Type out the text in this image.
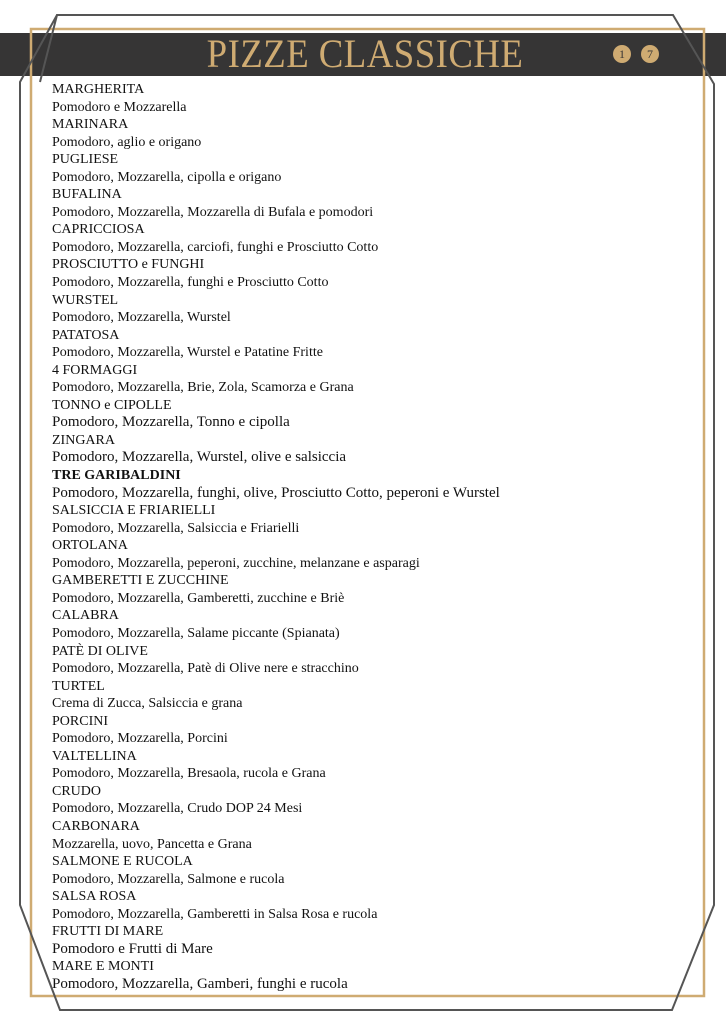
PIZZE CLASSICHE	1	7
MARGHERITA
Pomodoro e Mozzarella
MARINARA
Pomodoro, aglio e origano
PUGLIESE
Pomodoro, Mozzarella, cipolla e origano
BUFALINA
Pomodoro, Mozzarella, Mozzarella di Bufala e pomodori
CAPRICCIOSA
Pomodoro, Mozzarella, carciofi, funghi e Prosciutto Cotto
PROSCIUTTO e FUNGHI
Pomodoro, Mozzarella, funghi e Prosciutto Cotto
WURSTEL
Pomodoro, Mozzarella, Wurstel
PATATOSA
Pomodoro, Mozzarella, Wurstel e Patatine Fritte
4 FORMAGGI
Pomodoro, Mozzarella, Brie, Zola, Scamorza e Grana
TONNO e CIPOLLE
Pomodoro, Mozzarella, Tonno e cipolla
ZINGARA
Pomodoro, Mozzarella, Wurstel, olive e salsiccia
TRE GARIBALDINI
Pomodoro, Mozzarella, funghi, olive, Prosciutto Cotto, peperoni e Wurstel
SALSICCIA E FRIARIELLI
Pomodoro, Mozzarella, Salsiccia e Friarielli
ORTOLANA
Pomodoro, Mozzarella, peperoni, zucchine, melanzane e asparagi
GAMBERETTI E ZUCCHINE
Pomodoro, Mozzarella, Gamberetti, zucchine e Briè
CALABRA
Pomodoro, Mozzarella, Salame piccante (Spianata)
PATÈ DI OLIVE
Pomodoro, Mozzarella, Patè di Olive nere e stracchino
TURTEL
Crema di Zucca, Salsiccia e grana
PORCINI
Pomodoro, Mozzarella, Porcini
VALTELLINA
Pomodoro, Mozzarella, Bresaola, rucola e Grana
CRUDO
Pomodoro, Mozzarella, Crudo DOP 24 Mesi
CARBONARA
Mozzarella, uovo, Pancetta e Grana
SALMONE E RUCOLA
Pomodoro, Mozzarella, Salmone e rucola
SALSA ROSA
Pomodoro, Mozzarella, Gamberetti in Salsa Rosa e rucola
FRUTTI DI MARE
Pomodoro e Frutti di Mare
MARE E MONTI
Pomodoro, Mozzarella, Gamberi, funghi e rucola
